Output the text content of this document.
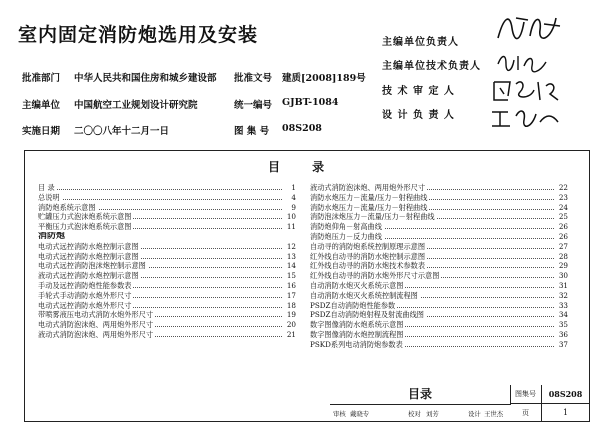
室内固定消防炮选用及安装
批准部门 中华人民共和国住房和城乡建设部 批准文号 建质[2008]189号
主编单位 中国航空工业规划设计研究院	统一编号 GJBT-1084
实施日期 二〇〇八年十二月一日	图 集 号 08S208
主编单位负责人
主编单位技术负责人
技 术 审 定 人
设 计 负 责 人
目 录
目 录	1
总说明	4
消防炮系统示意图	9
贮罐压力式泡沫炮系统示意图	10
平衡压力式泡沫炮系统示意图	11
消防炮
电动式远控消防水炮控制示意图	12
电动式远控消防水炮控制示意图	13
电动式远控消防泡沫炮控制示意图	14
液动式远控消防水炮控制示意图	15
手动及远控消防炮性能参数表	16
手轮式手动消防水炮外形尺寸	17
电动式远控消防水炮外形尺寸	18
带喷雾液压电动式消防水炮外形尺寸	19
电动式消防泡沫炮、两用炮外形尺寸	20
液动式消防泡沫炮、两用炮外形尺寸	21
液动式消防泡沫炮、两用炮外形尺寸	22
消防水炮压力－流量/压力－射程曲线	23
消防水炮压力－流量/压力－射程曲线	24
消防泡沫炮压力－流量/压力－射程曲线	25
消防炮仰角－射高曲线	26
消防炮压力－反力曲线	26
自动寻的消防炮系统控制原理示意图	27
红外线自动寻的消防水炮控制示意图	28
红外线自动寻的消防水炮技术参数表	29
红外线自动寻的消防水炮外形尺寸示意图	30
自动消防水炮灭火系统示意图	31
自动消防水炮灭火系统控制流程图	32
PSDZ自动消防炮性能参数	33
PSDZ自动消防炮射程及射流曲线图	34
数字图像消防水炮系统示意图	35
数字图像消防水炮控制流程图	36
PSKD系列电动消防炮参数表	37
目录	图集号	08S208
页	1
审核 戴晓专	校对 刘芳	设计 王世杰
